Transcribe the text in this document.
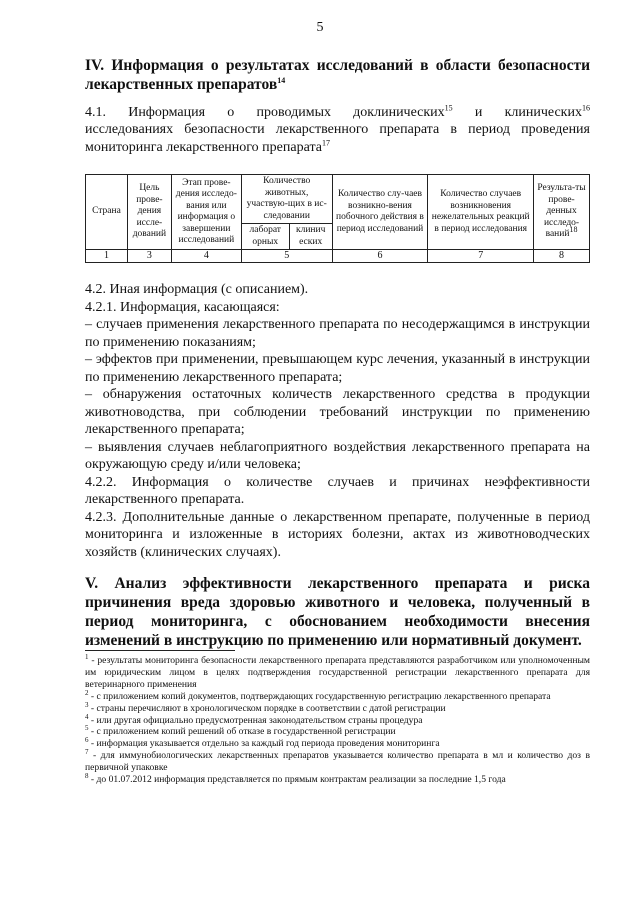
5
IV. Информация о результатах исследований в области безопасности лекарственных препаратов$^{14}$
4.1. Информация о проводимых доклинических$^{15}$ и клинических$^{16}$
исследованиях безопасности лекарственного препарата в период проведения мониторинга лекарственного препарата$^{17}$
Страна	Цель прове-дения иссле-дований	Этап прове-дения исследо-вания или информация о завершении исследований	Количество животных, участвую-щих в ис-следовании		Количество слу-чаев возникно-вения побочного действия в период исследований	Количество случаев возникновения нежелательных реакций в период исследования	Результа-ты прове-денных исследо-ваний$^{18}$
			лаборат орных	клинич еских			
1	3	4	5		6	7	8

4.2. Иная информация (с описанием).

4.2.1. Информация, касающаяся:

– случаев применения лекарственного препарата по несодержащимся в инструкции по применению показаниям;

– эффектов при применении, превышающем курс лечения, указанный в инструкции по применению лекарственного препарата;

– обнаружения остаточных количеств лекарственного средства в продукции животноводства, при соблюдении требований инструкции по применению лекарственного препарата;

– выявления случаев неблагоприятного воздействия лекарственного препарата на окружающую среду и/или человека;

4.2.2. Информация о количестве случаев и причинах неэффективности лекарственного препарата.

4.2.3. Дополнительные данные о лекарственном препарате, полученные в период мониторинга и изложенные в историях болезни, актах из животноводческих хозяйств (клинических случаях).

V. Анализ эффективности лекарственного препарата и риска причинения вреда здоровью животного и человека, полученный в период мониторинга, с обоснованием необходимости внесения изменений в инструкцию по применению или нормативный документ.

$^1$ - результаты мониторинга безопасности лекарственного препарата представляются разработчиком или уполномоченным им юридическим лицом в целях подтверждения государственной регистрации лекарственного препарата для ветеринарного применения

$^2$ - с приложением копий документов, подтверждающих государственную регистрацию лекарственного препарата

$^3$ - страны перечисляют в хронологическом порядке в соответствии с датой регистрации

$^4$ - или другая официально предусмотренная законодательством страны процедура

$^5$ - с приложением копий решений об отказе в государственной регистрации

$^6$ - информация указывается отдельно за каждый год периода проведения мониторинга

$^7$ - для иммунобиологических лекарственных препаратов указывается количество препарата в мл и количество доз в первичной упаковке

$^8$ - до 01.07.2012 информация представляется по прямым контрактам реализации за последние 1,5 года
